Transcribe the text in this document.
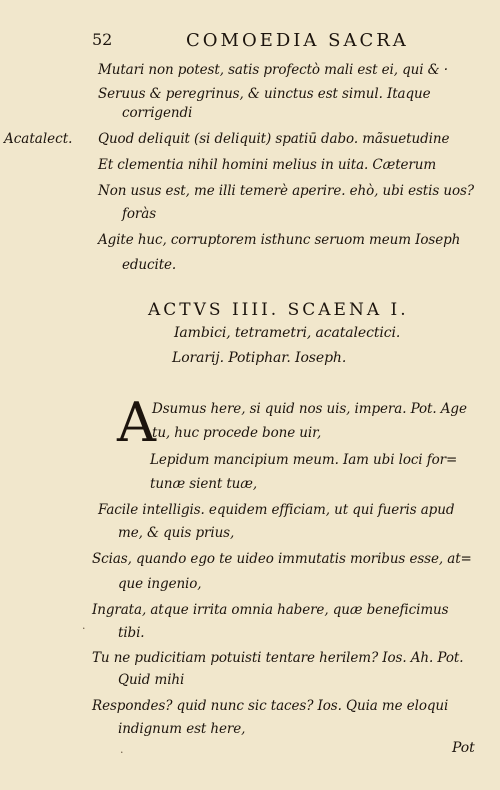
52	COMOEDIA SACRA
Acatalect.
Mutari non potest, satis profectò mali est ei, qui & ·
Seruus & peregrinus, & uinctus est simul. Itaque
corrigendi
Quod deliquit (si deliquit) spatiū dabo. mãsuetudine
Et clementia nihil homini melius in uita. Cæterum
Non usus est, me illi temerè aperire. ehò, ubi estis uos?
foràs
Agite huc, corruptorem isthunc seruom meum Ioseph
educite.
ACTVS IIII. SCAENA I.
Iambici, tetrametri, acatalectici.
Lorarij. Potiphar. Ioseph.
A
Dsumus here, si quid nos uis, impera. Pot. Age
tu, huc procede bone uir,
Lepidum mancipium meum. Iam ubi loci for=
tunæ sient tuæ,
Facile intelligis. equidem efficiam, ut qui fueris apud
me, & quis prius,
Scias, quando ego te uideo immutatis moribus esse, at=
que ingenio,
Ingrata, atque irrita omnia habere, quæ beneficimus
tibi.
Tu ne pudicitiam potuisti tentare herilem? Ios. Ah. Pot.
Quid mihi
Respondes? quid nunc sic taces? Ios. Quia me eloqui
indignum est here,
Pot
·
.
